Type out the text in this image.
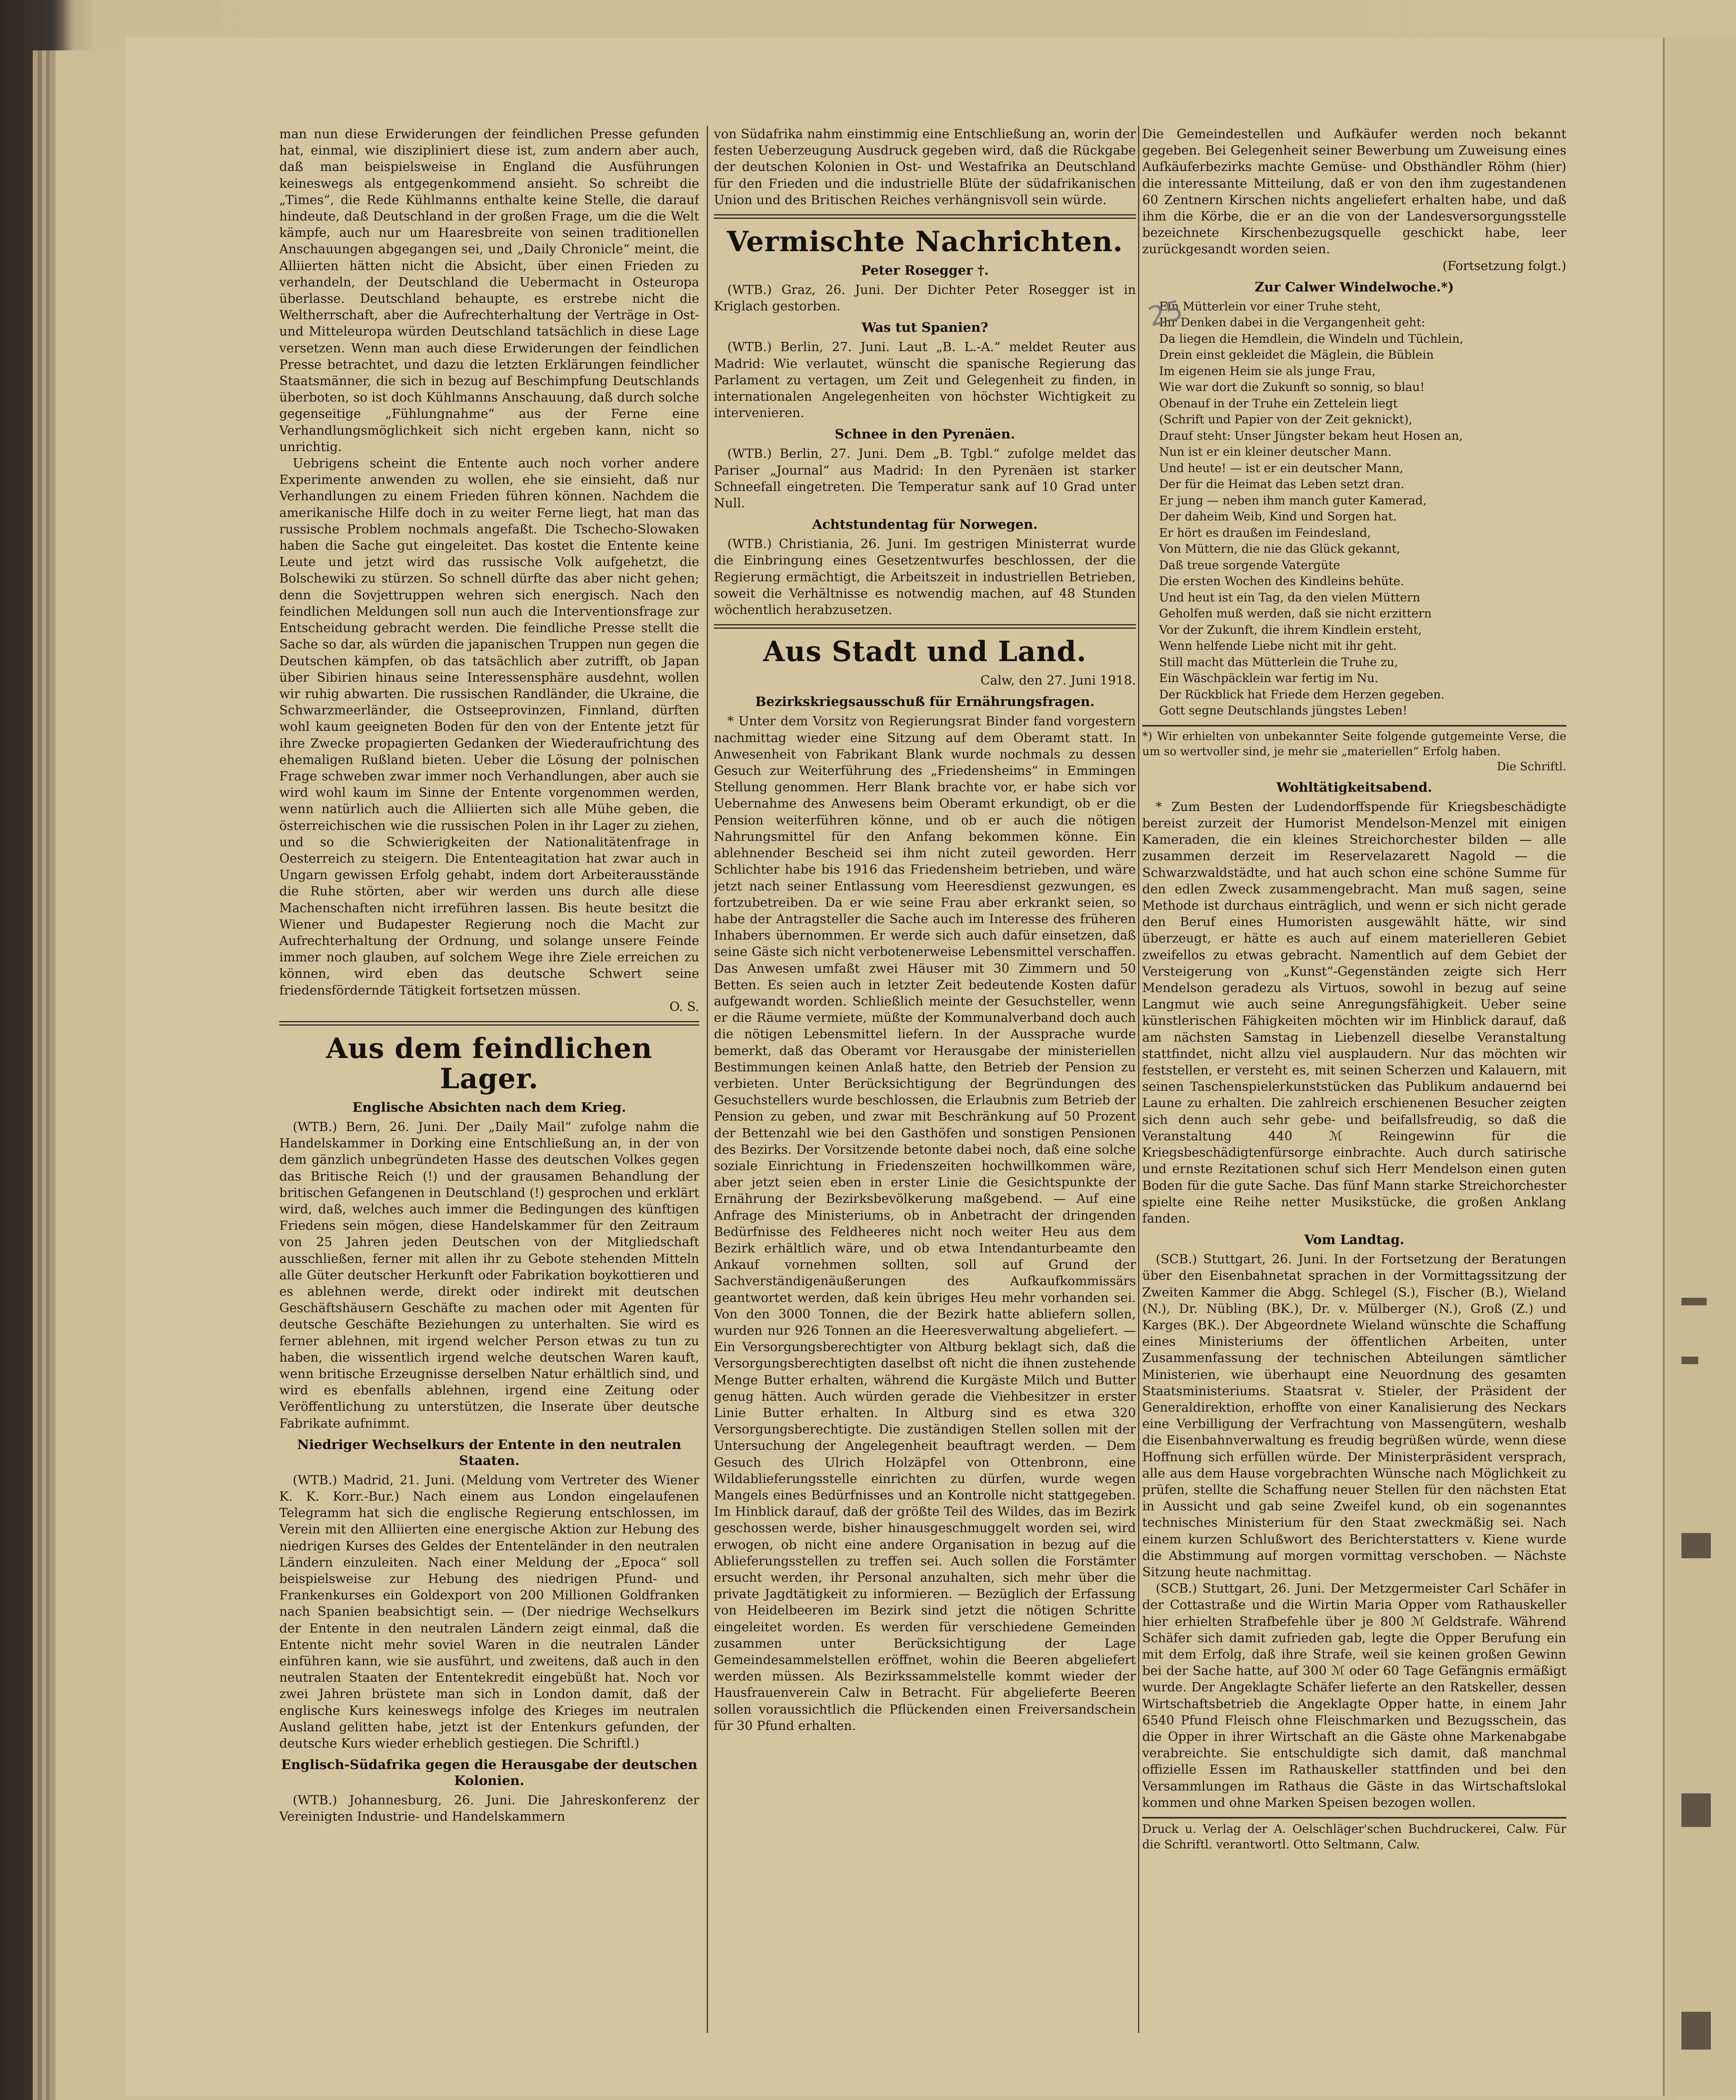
man nun diese Erwiderungen der feindlichen Presse gefunden hat, einmal, wie diszipliniert diese ist, zum andern aber auch, daß man beispielsweise in England die Ausführungen keineswegs als entgegenkommend ansieht. So schreibt die „Times“, die Rede Kühlmanns enthalte keine Stelle, die darauf hindeute, daß Deutschland in der großen Frage, um die die Welt kämpfe, auch nur um Haaresbreite von seinen traditionellen Anschauungen abgegangen sei, und „Daily Chronicle“ meint, die Alliierten hätten nicht die Absicht, über einen Frieden zu verhandeln, der Deutschland die Uebermacht in Osteuropa überlasse. Deutschland behaupte, es erstrebe nicht die Weltherrschaft, aber die Aufrechterhaltung der Verträge in Ost- und Mitteleuropa würden Deutschland tatsächlich in diese Lage versetzen. Wenn man auch diese Erwiderungen der feindlichen Presse betrachtet, und dazu die letzten Erklärungen feindlicher Staatsmänner, die sich in bezug auf Beschimpfung Deutschlands überboten, so ist doch Kühlmanns Anschauung, daß durch solche gegenseitige „Fühlungnahme“ aus der Ferne eine Verhandlungsmöglichkeit sich nicht ergeben kann, nicht so unrichtig.

Uebrigens scheint die Entente auch noch vorher andere Experimente anwenden zu wollen, ehe sie einsieht, daß nur Verhandlungen zu einem Frieden führen können. Nachdem die amerikanische Hilfe doch in zu weiter Ferne liegt, hat man das russische Problem nochmals angefaßt. Die Tschecho-Slowaken haben die Sache gut eingeleitet. Das kostet die Entente keine Leute und jetzt wird das russische Volk aufgehetzt, die Bolschewiki zu stürzen. So schnell dürfte das aber nicht gehen; denn die Sovjettruppen wehren sich energisch. Nach den feindlichen Meldungen soll nun auch die Interventionsfrage zur Entscheidung gebracht werden. Die feindliche Presse stellt die Sache so dar, als würden die japanischen Truppen nun gegen die Deutschen kämpfen, ob das tatsächlich aber zutrifft, ob Japan über Sibirien hinaus seine Interessensphäre ausdehnt, wollen wir ruhig abwarten. Die russischen Randländer, die Ukraine, die Schwarzmeerländer, die Ostseeprovinzen, Finnland, dürften wohl kaum geeigneten Boden für den von der Entente jetzt für ihre Zwecke propagierten Gedanken der Wiederaufrichtung des ehemaligen Rußland bieten. Ueber die Lösung der polnischen Frage schweben zwar immer noch Verhandlungen, aber auch sie wird wohl kaum im Sinne der Entente vorgenommen werden, wenn natürlich auch die Alliierten sich alle Mühe geben, die österreichischen wie die russischen Polen in ihr Lager zu ziehen, und so die Schwierigkeiten der Nationalitätenfrage in Oesterreich zu steigern. Die Ententeagitation hat zwar auch in Ungarn gewissen Erfolg gehabt, indem dort Arbeiterausstände die Ruhe störten, aber wir werden uns durch alle diese Machenschaften nicht irreführen lassen. Bis heute besitzt die Wiener und Budapester Regierung noch die Macht zur Aufrechterhaltung der Ordnung, und solange unsere Feinde immer noch glauben, auf solchem Wege ihre Ziele erreichen zu können, wird eben das deutsche Schwert seine friedensfördernde Tätigkeit fortsetzen müssen.

O. S.

Aus dem feindlichen Lager.
Englische Absichten nach dem Krieg.

(WTB.) Bern, 26. Juni. Der „Daily Mail“ zufolge nahm die Handelskammer in Dorking eine Entschließung an, in der von dem gänzlich unbegründeten Hasse des deutschen Volkes gegen das Britische Reich (!) und der grausamen Behandlung der britischen Gefangenen in Deutschland (!) gesprochen und erklärt wird, daß, welches auch immer die Bedingungen des künftigen Friedens sein mögen, diese Handelskammer für den Zeitraum von 25 Jahren jeden Deutschen von der Mitgliedschaft ausschließen, ferner mit allen ihr zu Gebote stehenden Mitteln alle Güter deutscher Herkunft oder Fabrikation boykottieren und es ablehnen werde, direkt oder indirekt mit deutschen Geschäftshäusern Geschäfte zu machen oder mit Agenten für deutsche Geschäfte Beziehungen zu unterhalten. Sie wird es ferner ablehnen, mit irgend welcher Person etwas zu tun zu haben, die wissentlich irgend welche deutschen Waren kauft, wenn britische Erzeugnisse derselben Natur erhältlich sind, und wird es ebenfalls ablehnen, irgend eine Zeitung oder Veröffentlichung zu unterstützen, die Inserate über deutsche Fabrikate aufnimmt.

Niedriger Wechselkurs der Entente in den neutralen Staaten.

(WTB.) Madrid, 21. Juni. (Meldung vom Vertreter des Wiener K. K. Korr.-Bur.) Nach einem aus London eingelaufenen Telegramm hat sich die englische Regierung entschlossen, im Verein mit den Alliierten eine energische Aktion zur Hebung des niedrigen Kurses des Geldes der Ententeländer in den neutralen Ländern einzuleiten. Nach einer Meldung der „Epoca“ soll beispielsweise zur Hebung des niedrigen Pfund- und Frankenkurses ein Goldexport von 200 Millionen Goldfranken nach Spanien beabsichtigt sein. — (Der niedrige Wechselkurs der Entente in den neutralen Ländern zeigt einmal, daß die Entente nicht mehr soviel Waren in die neutralen Länder einführen kann, wie sie ausführt, und zweitens, daß auch in den neutralen Staaten der Ententekredit eingebüßt hat. Noch vor zwei Jahren brüstete man sich in London damit, daß der englische Kurs keineswegs infolge des Krieges im neutralen Ausland gelitten habe, jetzt ist der Entenkurs gefunden, der deutsche Kurs wieder erheblich gestiegen. Die Schriftl.)

Englisch-Südafrika gegen die Herausgabe der deutschen Kolonien.

(WTB.) Johannesburg, 26. Juni. Die Jahreskonferenz der Vereinigten Industrie- und Handelskammern

von Südafrika nahm einstimmig eine Entschließung an, worin der festen Ueberzeugung Ausdruck gegeben wird, daß die Rückgabe der deutschen Kolonien in Ost- und Westafrika an Deutschland für den Frieden und die industrielle Blüte der südafrikanischen Union und des Britischen Reiches verhängnisvoll sein würde.

Vermischte Nachrichten.
Peter Rosegger †.

(WTB.) Graz, 26. Juni. Der Dichter Peter Rosegger ist in Kriglach gestorben.

Was tut Spanien?

(WTB.) Berlin, 27. Juni. Laut „B. L.-A.“ meldet Reuter aus Madrid: Wie verlautet, wünscht die spanische Regierung das Parlament zu vertagen, um Zeit und Gelegenheit zu finden, in internationalen Angelegenheiten von höchster Wichtigkeit zu intervenieren.

Schnee in den Pyrenäen.

(WTB.) Berlin, 27. Juni. Dem „B. Tgbl.“ zufolge meldet das Pariser „Journal“ aus Madrid: In den Pyrenäen ist starker Schneefall eingetreten. Die Temperatur sank auf 10 Grad unter Null.

Achtstundentag für Norwegen.

(WTB.) Christiania, 26. Juni. Im gestrigen Ministerrat wurde die Einbringung eines Gesetzentwurfes beschlossen, der die Regierung ermächtigt, die Arbeitszeit in industriellen Betrieben, soweit die Verhältnisse es notwendig machen, auf 48 Stunden wöchentlich herabzusetzen.

Aus Stadt und Land.

Calw, den 27. Juni 1918.

Bezirkskriegsausschuß für Ernährungsfragen.

* Unter dem Vorsitz von Regierungsrat Binder fand vorgestern nachmittag wieder eine Sitzung auf dem Oberamt statt. In Anwesenheit von Fabrikant Blank wurde nochmals zu dessen Gesuch zur Weiterführung des „Friedensheims“ in Emmingen Stellung genommen. Herr Blank brachte vor, er habe sich vor Uebernahme des Anwesens beim Oberamt erkundigt, ob er die Pension weiterführen könne, und ob er auch die nötigen Nahrungsmittel für den Anfang bekommen könne. Ein ablehnender Bescheid sei ihm nicht zuteil geworden. Herr Schlichter habe bis 1916 das Friedensheim betrieben, und wäre jetzt nach seiner Entlassung vom Heeresdienst gezwungen, es fortzubetreiben. Da er wie seine Frau aber erkrankt seien, so habe der Antragsteller die Sache auch im Interesse des früheren Inhabers übernommen. Er werde sich auch dafür einsetzen, daß seine Gäste sich nicht verbotenerweise Lebensmittel verschaffen. Das Anwesen umfaßt zwei Häuser mit 30 Zimmern und 50 Betten. Es seien auch in letzter Zeit bedeutende Kosten dafür aufgewandt worden. Schließlich meinte der Gesuchsteller, wenn er die Räume vermiete, müßte der Kommunalverband doch auch die nötigen Lebensmittel liefern. In der Aussprache wurde bemerkt, daß das Oberamt vor Herausgabe der ministeriellen Bestimmungen keinen Anlaß hatte, den Betrieb der Pension zu verbieten. Unter Berücksichtigung der Begründungen des Gesuchstellers wurde beschlossen, die Erlaubnis zum Betrieb der Pension zu geben, und zwar mit Beschränkung auf 50 Prozent der Bettenzahl wie bei den Gasthöfen und sonstigen Pensionen des Bezirks. Der Vorsitzende betonte dabei noch, daß eine solche soziale Einrichtung in Friedenszeiten hochwillkommen wäre, aber jetzt seien eben in erster Linie die Gesichtspunkte der Ernährung der Bezirksbevölkerung maßgebend. — Auf eine Anfrage des Ministeriums, ob in Anbetracht der dringenden Bedürfnisse des Feldheeres nicht noch weiter Heu aus dem Bezirk erhältlich wäre, und ob etwa Intendanturbeamte den Ankauf vornehmen sollten, soll auf Grund der Sachverständigenäußerungen des Aufkaufkommissärs geantwortet werden, daß kein übriges Heu mehr vorhanden sei. Von den 3000 Tonnen, die der Bezirk hatte abliefern sollen, wurden nur 926 Tonnen an die Heeresverwaltung abgeliefert. — Ein Versorgungsberechtigter von Altburg beklagt sich, daß die Versorgungsberechtigten daselbst oft nicht die ihnen zustehende Menge Butter erhalten, während die Kurgäste Milch und Butter genug hätten. Auch würden gerade die Viehbesitzer in erster Linie Butter erhalten. In Altburg sind es etwa 320 Versorgungsberechtigte. Die zuständigen Stellen sollen mit der Untersuchung der Angelegenheit beauftragt werden. — Dem Gesuch des Ulrich Holzäpfel von Ottenbronn, eine Wildablieferungsstelle einrichten zu dürfen, wurde wegen Mangels eines Bedürfnisses und an Kontrolle nicht stattgegeben. Im Hinblick darauf, daß der größte Teil des Wildes, das im Bezirk geschossen werde, bisher hinausgeschmuggelt worden sei, wird erwogen, ob nicht eine andere Organisation in bezug auf die Ablieferungsstellen zu treffen sei. Auch sollen die Forstämter ersucht werden, ihr Personal anzuhalten, sich mehr über die private Jagdtätigkeit zu informieren. — Bezüglich der Erfassung von Heidelbeeren im Bezirk sind jetzt die nötigen Schritte eingeleitet worden. Es werden für verschiedene Gemeinden zusammen unter Berücksichtigung der Lage Gemeindesammelstellen eröffnet, wohin die Beeren abgeliefert werden müssen. Als Bezirkssammelstelle kommt wieder der Hausfrauenverein Calw in Betracht. Für abgelieferte Beeren sollen voraussichtlich die Pflückenden einen Freiversandschein für 30 Pfund erhalten.

Die Gemeindestellen und Aufkäufer werden noch bekannt gegeben. Bei Gelegenheit seiner Bewerbung um Zuweisung eines Aufkäuferbezirks machte Gemüse- und Obsthändler Röhm (hier) die interessante Mitteilung, daß er von den ihm zugestandenen 60 Zentnern Kirschen nichts angeliefert erhalten habe, und daß ihm die Körbe, die er an die von der Landesversorgungsstelle bezeichnete Kirschenbezugsquelle geschickt habe, leer zurückgesandt worden seien.

(Fortsetzung folgt.)

Zur Calwer Windelwoche.*)

Ein Mütterlein vor einer Truhe steht,

Ihr Denken dabei in die Vergangenheit geht:

Da liegen die Hemdlein, die Windeln und Tüchlein,

Drein einst gekleidet die Mäglein, die Büblein

Im eigenen Heim sie als junge Frau,

Wie war dort die Zukunft so sonnig, so blau!

Obenauf in der Truhe ein Zettelein liegt

(Schrift und Papier von der Zeit geknickt),

Drauf steht: Unser Jüngster bekam heut Hosen an,

Nun ist er ein kleiner deutscher Mann.

Und heute! — ist er ein deutscher Mann,

Der für die Heimat das Leben setzt dran.

Er jung — neben ihm manch guter Kamerad,

Der daheim Weib, Kind und Sorgen hat.

Er hört es draußen im Feindesland,

Von Müttern, die nie das Glück gekannt,

Daß treue sorgende Vatergüte

Die ersten Wochen des Kindleins behüte.

Und heut ist ein Tag, da den vielen Müttern

Geholfen muß werden, daß sie nicht erzittern

Vor der Zukunft, die ihrem Kindlein ersteht,

Wenn helfende Liebe nicht mit ihr geht.

Still macht das Mütterlein die Truhe zu,

Ein Wäschpäcklein war fertig im Nu.

Der Rückblick hat Friede dem Herzen gegeben.

Gott segne Deutschlands jüngstes Leben!

*) Wir erhielten von unbekannter Seite folgende gutgemeinte Verse, die um so wertvoller sind, je mehr sie „materiellen“ Erfolg haben.

Die Schriftl.

Wohltätigkeitsabend.

* Zum Besten der Ludendorffspende für Kriegsbeschädigte bereist zurzeit der Humorist Mendelson-Menzel mit einigen Kameraden, die ein kleines Streichorchester bilden — alle zusammen derzeit im Reservelazarett Nagold — die Schwarzwaldstädte, und hat auch schon eine schöne Summe für den edlen Zweck zusammengebracht. Man muß sagen, seine Methode ist durchaus einträglich, und wenn er sich nicht gerade den Beruf eines Humoristen ausgewählt hätte, wir sind überzeugt, er hätte es auch auf einem materielleren Gebiet zweifellos zu etwas gebracht. Namentlich auf dem Gebiet der Versteigerung von „Kunst“-Gegenständen zeigte sich Herr Mendelson geradezu als Virtuos, sowohl in bezug auf seine Langmut wie auch seine Anregungsfähigkeit. Ueber seine künstlerischen Fähigkeiten möchten wir im Hinblick darauf, daß am nächsten Samstag in Liebenzell dieselbe Veranstaltung stattfindet, nicht allzu viel ausplaudern. Nur das möchten wir feststellen, er versteht es, mit seinen Scherzen und Kalauern, mit seinen Taschenspielerkunststücken das Publikum andauernd bei Laune zu erhalten. Die zahlreich erschienenen Besucher zeigten sich denn auch sehr gebe- und beifallsfreudig, so daß die Veranstaltung 440 ℳ Reingewinn für die Kriegsbeschädigtenfürsorge einbrachte. Auch durch satirische und ernste Rezitationen schuf sich Herr Mendelson einen guten Boden für die gute Sache. Das fünf Mann starke Streichorchester spielte eine Reihe netter Musikstücke, die großen Anklang fanden.

Vom Landtag.

(SCB.) Stuttgart, 26. Juni. In der Fortsetzung der Beratungen über den Eisenbahnetat sprachen in der Vormittagssitzung der Zweiten Kammer die Abgg. Schlegel (S.), Fischer (B.), Wieland (N.), Dr. Nübling (BK.), Dr. v. Mülberger (N.), Groß (Z.) und Karges (BK.). Der Abgeordnete Wieland wünschte die Schaffung eines Ministeriums der öffentlichen Arbeiten, unter Zusammenfassung der technischen Abteilungen sämtlicher Ministerien, wie überhaupt eine Neuordnung des gesamten Staatsministeriums. Staatsrat v. Stieler, der Präsident der Generaldirektion, erhoffte von einer Kanalisierung des Neckars eine Verbilligung der Verfrachtung von Massengütern, weshalb die Eisenbahnverwaltung es freudig begrüßen würde, wenn diese Hoffnung sich erfüllen würde. Der Ministerpräsident versprach, alle aus dem Hause vorgebrachten Wünsche nach Möglichkeit zu prüfen, stellte die Schaffung neuer Stellen für den nächsten Etat in Aussicht und gab seine Zweifel kund, ob ein sogenanntes technisches Ministerium für den Staat zweckmäßig sei. Nach einem kurzen Schlußwort des Berichterstatters v. Kiene wurde die Abstimmung auf morgen vormittag verschoben. — Nächste Sitzung heute nachmittag.

(SCB.) Stuttgart, 26. Juni. Der Metzgermeister Carl Schäfer in der Cottastraße und die Wirtin Maria Opper vom Rathauskeller hier erhielten Strafbefehle über je 800 ℳ Geldstrafe. Während Schäfer sich damit zufrieden gab, legte die Opper Berufung ein mit dem Erfolg, daß ihre Strafe, weil sie keinen großen Gewinn bei der Sache hatte, auf 300 ℳ oder 60 Tage Gefängnis ermäßigt wurde. Der Angeklagte Schäfer lieferte an den Ratskeller, dessen Wirtschaftsbetrieb die Angeklagte Opper hatte, in einem Jahr 6540 Pfund Fleisch ohne Fleischmarken und Bezugsschein, das die Opper in ihrer Wirtschaft an die Gäste ohne Markenabgabe verabreichte. Sie entschuldigte sich damit, daß manchmal offizielle Essen im Rathauskeller stattfinden und bei den Versammlungen im Rathaus die Gäste in das Wirtschaftslokal kommen und ohne Marken Speisen bezogen wollen.

Druck u. Verlag der A. Oelschläger'schen Buchdruckerei, Calw. Für die Schriftl. verantwortl. Otto Seltmann, Calw.

25
